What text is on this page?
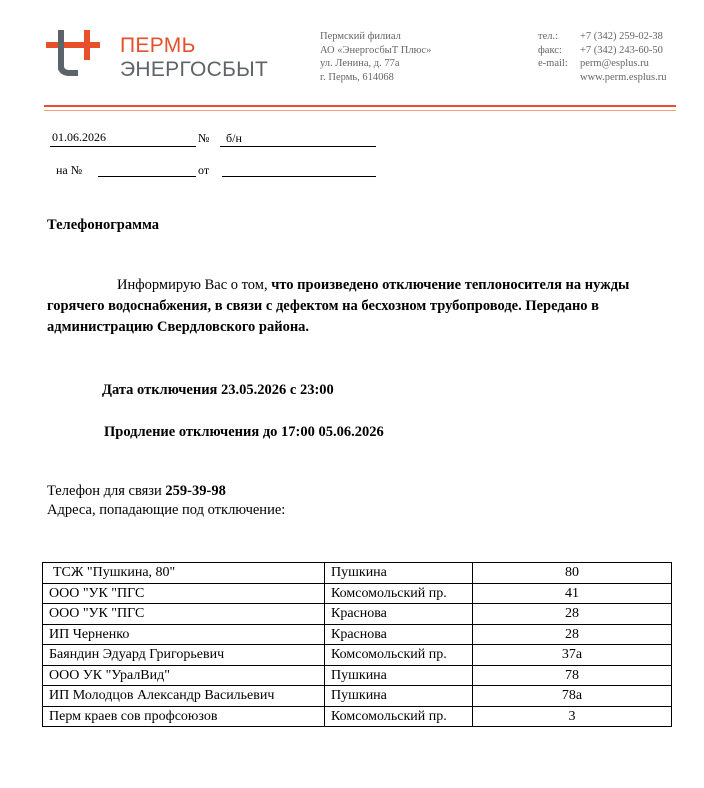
ПЕРМЬ
ЭНЕРГОСБЫТ
Пермский филиал
АО «ЭнергосбыТ Плюс»
ул. Ленина, д. 77а
г. Пермь, 614068
тел.:	+7 (342) 259-02-38
факс:	+7 (342) 243-60-50
e-mail:	perm@esplus.ru
www.perm.esplus.ru
01.06.2026	№ б/н
на №	от
Телефонограмма
Информирую Вас о том, что произведено отключение теплоносителя на нужды горячего водоснабжения, в связи с дефектом на бесхозном трубопроводе. Передано в администрацию Свердловского района.
Дата отключения 23.05.2026 с 23:00
Продление отключения до 17:00 05.06.2026
Телефон для связи 259-39-98
Адреса, попадающие под отключение:
ТСЖ "Пушкина, 80"	Пушкина	80
ООО "УК "ПГС	Комсомольский пр.	41
ООО "УК "ПГС	Краснова	28
ИП Черненко	Краснова	28
Баяндин Эдуард Григорьевич	Комсомольский пр.	37а
ООО УК "УралВид"	Пушкина	78
ИП Молодцов Александр Васильевич	Пушкина	78а
Перм краев сов профсоюзов	Комсомольский пр.	3
